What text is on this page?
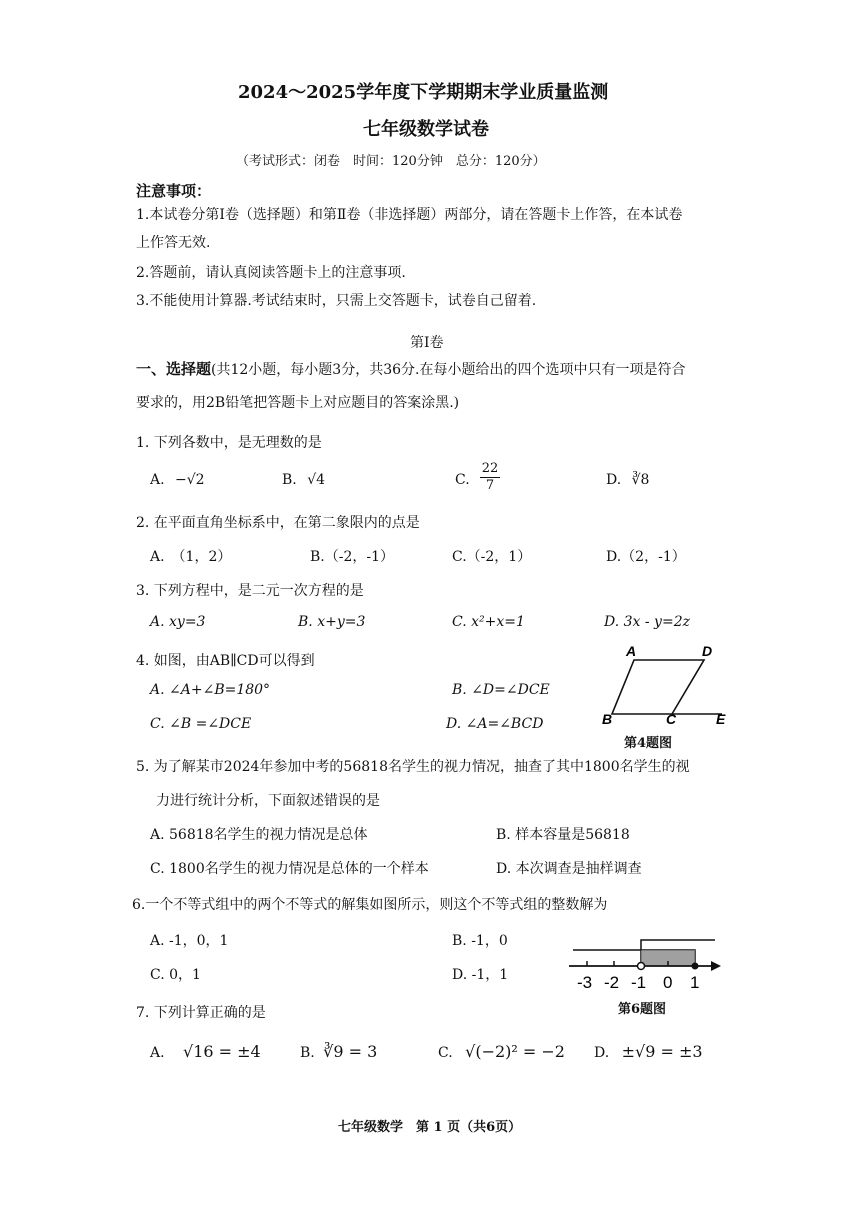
2024～2025学年度下学期期末学业质量监测
七年级数学试卷
（考试形式：闭卷　时间：120分钟　总分：120分）
注意事项：
1.本试卷分第Ⅰ卷（选择题）和第Ⅱ卷（非选择题）两部分，请在答题卡上作答，在本试卷
上作答无效.
2.答题前，请认真阅读答题卡上的注意事项.
3.不能使用计算器.考试结束时，只需上交答题卡，试卷自己留着.
第Ⅰ卷
一、选择题(共12小题，每小题3分，共36分.在每小题给出的四个选项中只有一项是符合
要求的，用2B铅笔把答题卡上对应题目的答案涂黑.)
1. 下列各数中，是无理数的是
A. −√2	B. √4	C. $\frac{22}{7}$	D. ∛8
2. 在平面直角坐标系中，在第二象限内的点是
A.　（1，2）	B.（-2，-1）	C.（-2，1）	D.（2，-1）
3. 下列方程中，是二元一次方程的是
A. xy=3	B. x+y=3	C. x²+x=1	D. 3x - y=2z
4. 如图，由AB∥CD可以得到
A. ∠A+∠B=180°	B. ∠D=∠DCE
C. ∠B =∠DCE	D. ∠A=∠BCD
A	D
B	C	E
第4题图
5. 为了解某市2024年参加中考的56818名学生的视力情况，抽查了其中1800名学生的视
力进行统计分析，下面叙述错误的是
A. 56818名学生的视力情况是总体	B. 样本容量是56818
C. 1800名学生的视力情况是总体的一个样本	D. 本次调查是抽样调查
6.一个不等式组中的两个不等式的解集如图所示，则这个不等式组的整数解为
A. -1，0，1	B. -1，0
C. 0，1	D. -1，1	-3 -2 -1 0 1
第6题图
7. 下列计算正确的是
A. √16 = ±4	B. ∛9 = 3	C. √(−2)² = −2 D. ±√9 = ±3
七年级数学　第 1 页（共6页）
